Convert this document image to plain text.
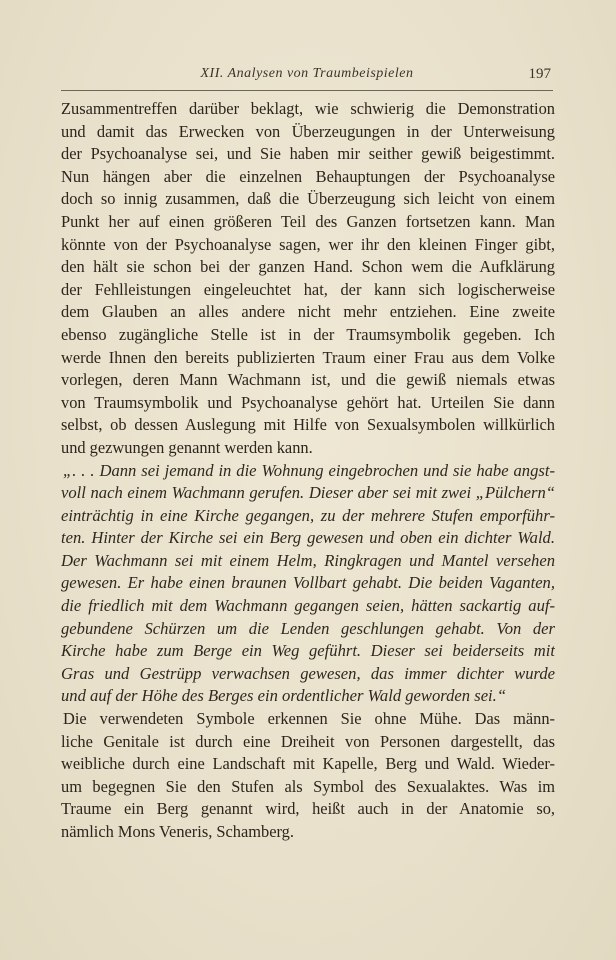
XII. Analysen von Traumbeispielen	197
Zusammentreffen darüber beklagt, wie schwierig die Demonstration
und damit das Erwecken von Überzeugungen in der Unterweisung
der Psychoanalyse sei, und Sie haben mir seither gewiß beigestimmt.
Nun hängen aber die einzelnen Behauptungen der Psychoanalyse
doch so innig zusammen, daß die Überzeugung sich leicht von einem
Punkt her auf einen größeren Teil des Ganzen fortsetzen kann. Man
könnte von der Psychoanalyse sagen, wer ihr den kleinen Finger gibt,
den hält sie schon bei der ganzen Hand. Schon wem die Aufklärung
der Fehlleistungen eingeleuchtet hat, der kann sich logischerweise
dem Glauben an alles andere nicht mehr entziehen. Eine zweite
ebenso zugängliche Stelle ist in der Traumsymbolik gegeben. Ich
werde Ihnen den bereits publizierten Traum einer Frau aus dem Volke
vorlegen, deren Mann Wachmann ist, und die gewiß niemals etwas
von Traumsymbolik und Psychoanalyse gehört hat. Urteilen Sie dann
selbst, ob dessen Auslegung mit Hilfe von Sexualsymbolen willkürlich
und gezwungen genannt werden kann.
„. . . Dann sei jemand in die Wohnung eingebrochen und sie habe angst-
voll nach einem Wachmann gerufen. Dieser aber sei mit zwei „Pülchern“
einträchtig in eine Kirche gegangen, zu der mehrere Stufen emporführ-
ten. Hinter der Kirche sei ein Berg gewesen und oben ein dichter Wald.
Der Wachmann sei mit einem Helm, Ringkragen und Mantel versehen
gewesen. Er habe einen braunen Vollbart gehabt. Die beiden Vaganten,
die friedlich mit dem Wachmann gegangen seien, hätten sackartig auf-
gebundene Schürzen um die Lenden geschlungen gehabt. Von der
Kirche habe zum Berge ein Weg geführt. Dieser sei beiderseits mit
Gras und Gestrüpp verwachsen gewesen, das immer dichter wurde
und auf der Höhe des Berges ein ordentlicher Wald geworden sei.“
Die verwendeten Symbole erkennen Sie ohne Mühe. Das männ-
liche Genitale ist durch eine Dreiheit von Personen dargestellt, das
weibliche durch eine Landschaft mit Kapelle, Berg und Wald. Wieder-
um begegnen Sie den Stufen als Symbol des Sexualaktes. Was im
Traume ein Berg genannt wird, heißt auch in der Anatomie so,
nämlich Mons Veneris, Schamberg.
